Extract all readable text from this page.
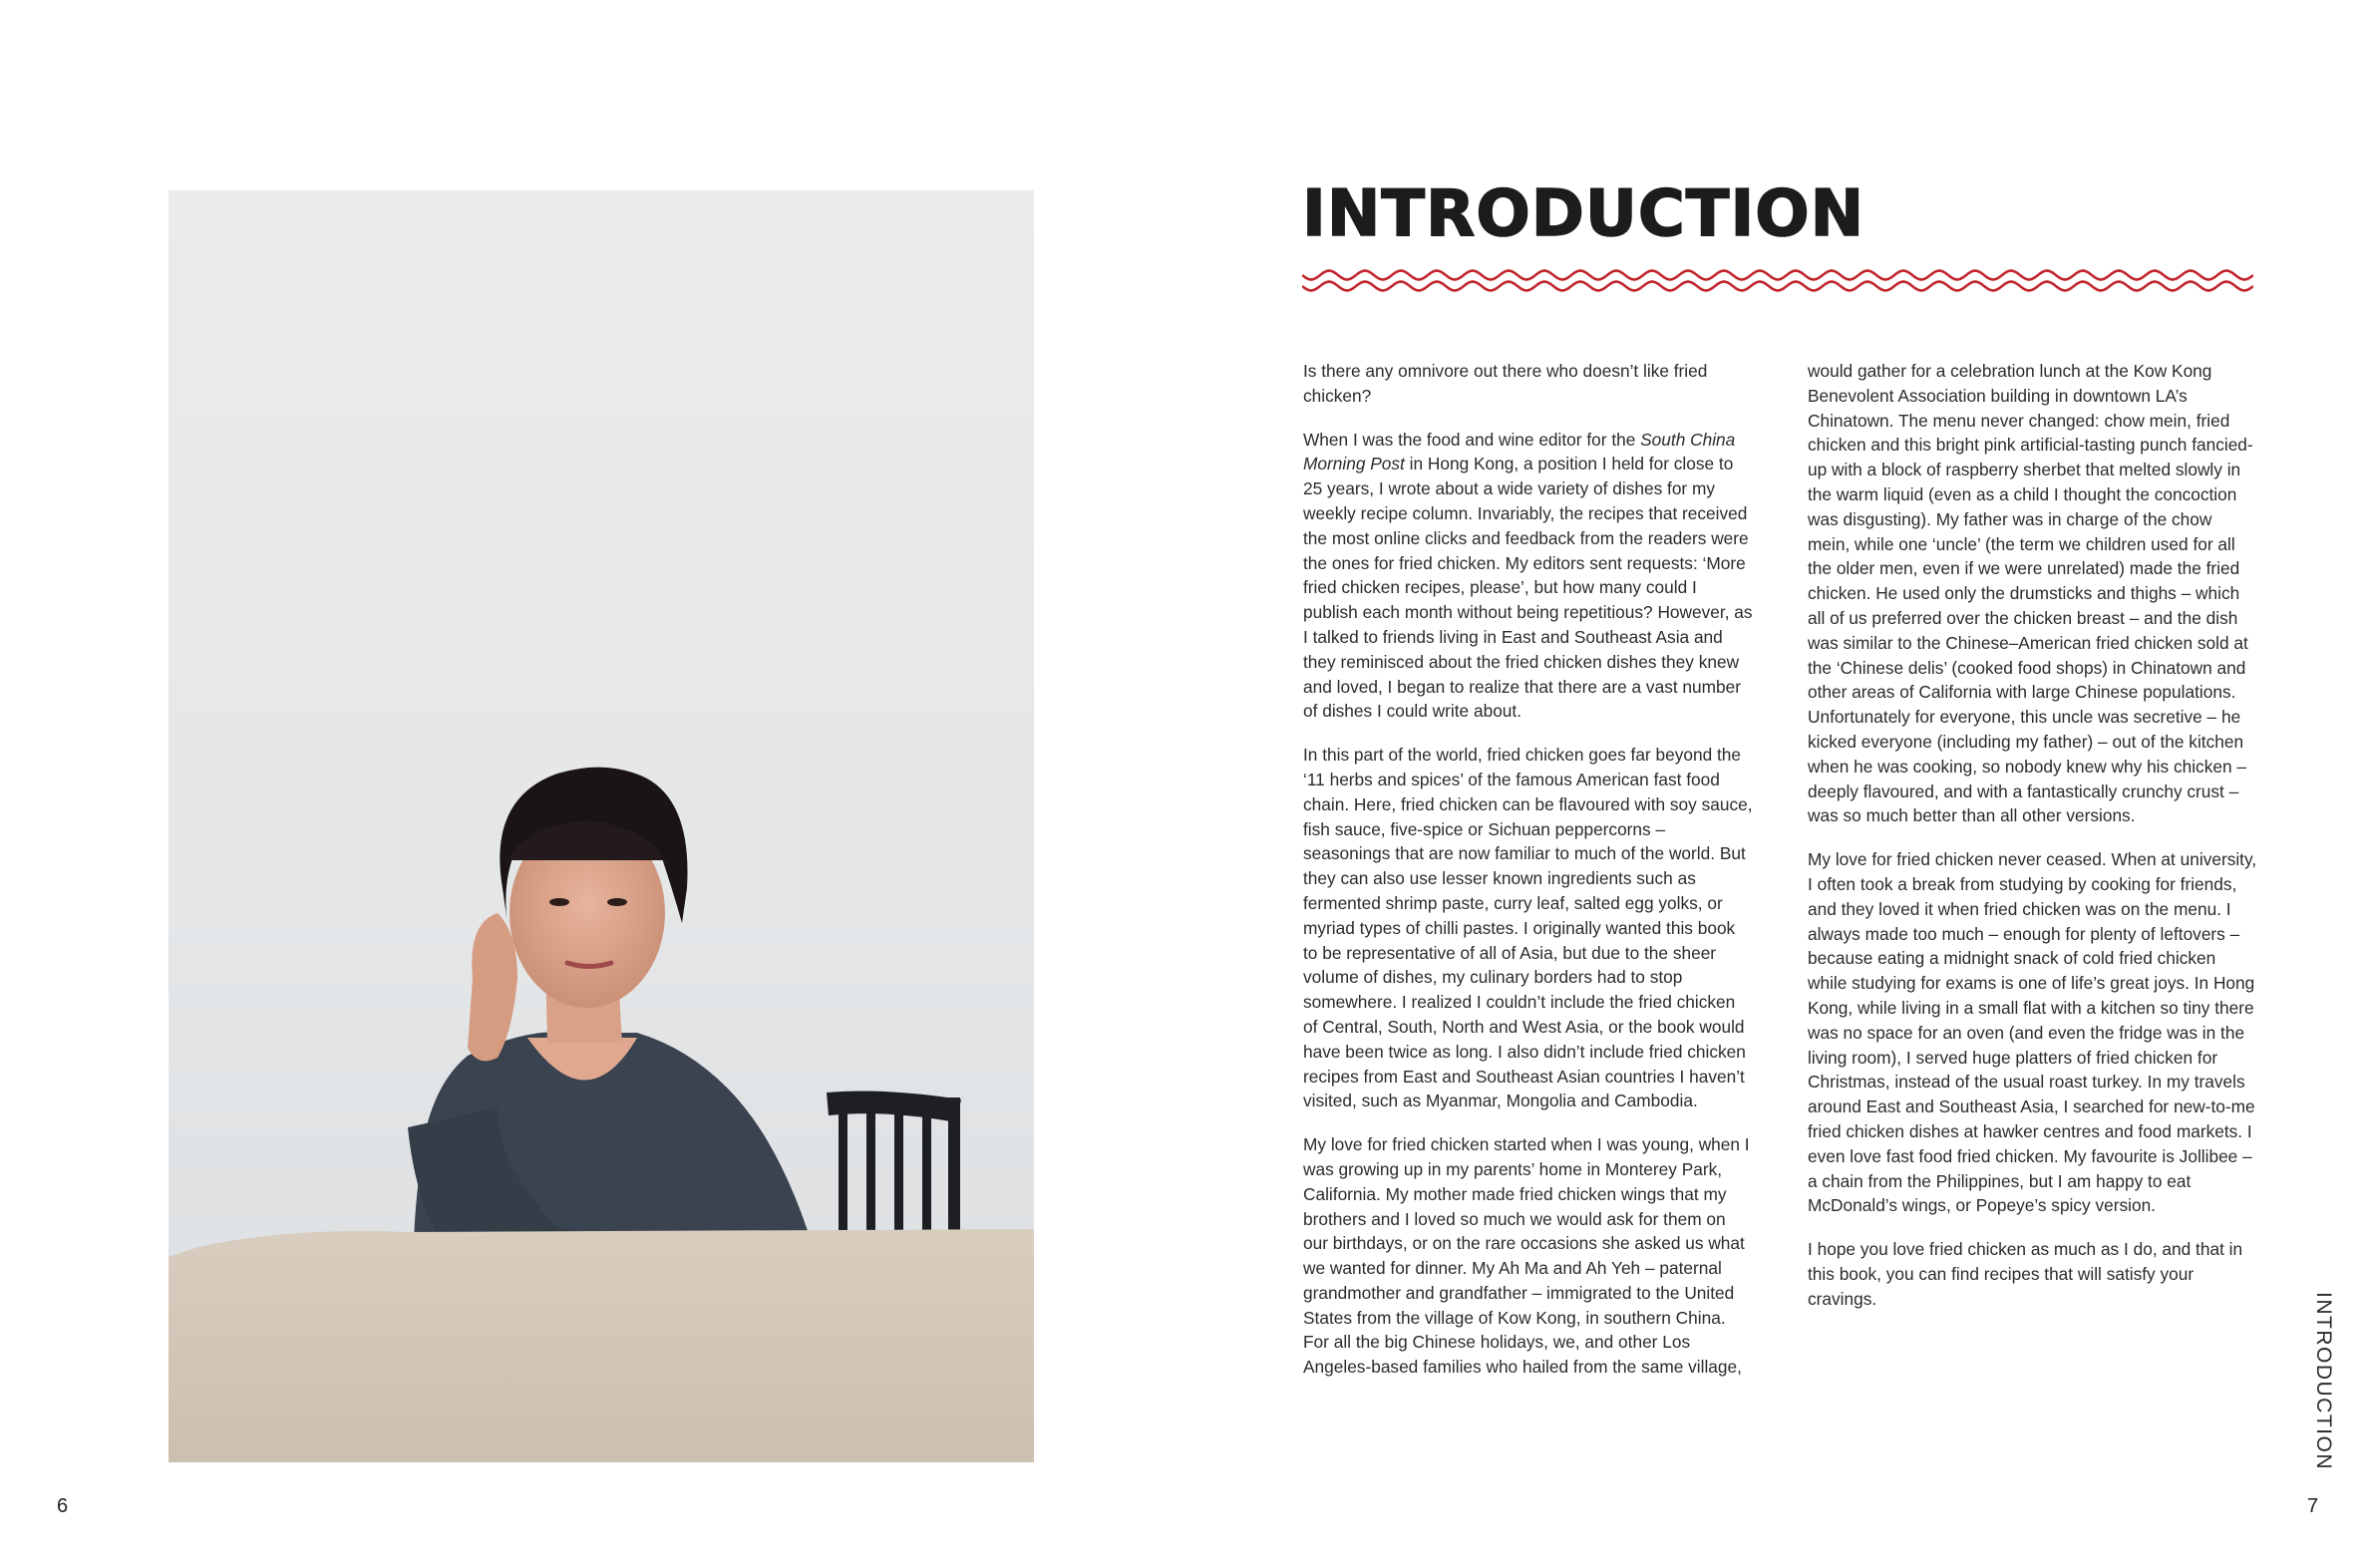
6
INTRODUCTION

Is there any omnivore out there who doesn’t like fried chicken?

When I was the food and wine editor for the South China Morning Post in Hong Kong, a position I held for close to 25 years, I wrote about a wide variety of dishes for my weekly recipe column. Invariably, the recipes that received the most online clicks and feedback from the readers were the ones for fried chicken. My editors sent requests: ‘More fried chicken recipes, please’, but how many could I publish each month without being repetitious? However, as I talked to friends living in East and Southeast Asia and they reminisced about the fried chicken dishes they knew and loved, I began to realize that there are a vast number of dishes I could write about.

In this part of the world, fried chicken goes far beyond the ‘11 herbs and spices’ of the famous American fast food chain. Here, fried chicken can be flavoured with soy sauce, fish sauce, five-spice or Sichuan peppercorns – seasonings that are now familiar to much of the world. But they can also use lesser known ingredients such as fermented shrimp paste, curry leaf, salted egg yolks, or myriad types of chilli pastes. I originally wanted this book to be representative of all of Asia, but due to the sheer volume of dishes, my culinary borders had to stop somewhere. I realized I couldn’t include the fried chicken of Central, South, North and West Asia, or the book would have been twice as long. I also didn’t include fried chicken recipes from East and Southeast Asian countries I haven’t visited, such as Myanmar, Mongolia and Cambodia.

My love for fried chicken started when I was young, when I was growing up in my parents’ home in Monterey Park, California. My mother made fried chicken wings that my brothers and I loved so much we would ask for them on our birthdays, or on the rare occasions she asked us what we wanted for dinner. My Ah Ma and Ah Yeh – paternal grandmother and grandfather – immigrated to the United States from the village of Kow Kong, in southern China. For all the big Chinese holidays, we, and other Los Angeles-based families who hailed from the same village,

would gather for a celebration lunch at the Kow Kong Benevolent Association building in downtown LA’s Chinatown. The menu never changed: chow mein, fried chicken and this bright pink artificial-tasting punch fancied-up with a block of raspberry sherbet that melted slowly in the warm liquid (even as a child I thought the concoction was disgusting). My father was in charge of the chow mein, while one ‘uncle’ (the term we children used for all the older men, even if we were unrelated) made the fried chicken. He used only the drumsticks and thighs – which all of us preferred over the chicken breast – and the dish was similar to the Chinese–American fried chicken sold at the ‘Chinese delis’ (cooked food shops) in Chinatown and other areas of California with large Chinese populations. Unfortunately for everyone, this uncle was secretive – he kicked everyone (including my father) – out of the kitchen when he was cooking, so nobody knew why his chicken – deeply flavoured, and with a fantastically crunchy crust – was so much better than all other versions.

My love for fried chicken never ceased. When at university, I often took a break from studying by cooking for friends, and they loved it when fried chicken was on the menu. I always made too much – enough for plenty of leftovers – because eating a midnight snack of cold fried chicken while studying for exams is one of life’s great joys. In Hong Kong, while living in a small flat with a kitchen so tiny there was no space for an oven (and even the fridge was in the living room), I served huge platters of fried chicken for Christmas, instead of the usual roast turkey. In my travels around East and Southeast Asia, I searched for new-to-me fried chicken dishes at hawker centres and food markets. I even love fast food fried chicken. My favourite is Jollibee – a chain from the Philippines, but I am happy to eat McDonald’s wings, or Popeye’s spicy version.

I hope you love fried chicken as much as I do, and that in this book, you can find recipes that will satisfy your cravings.	INTRODUCTION
7
